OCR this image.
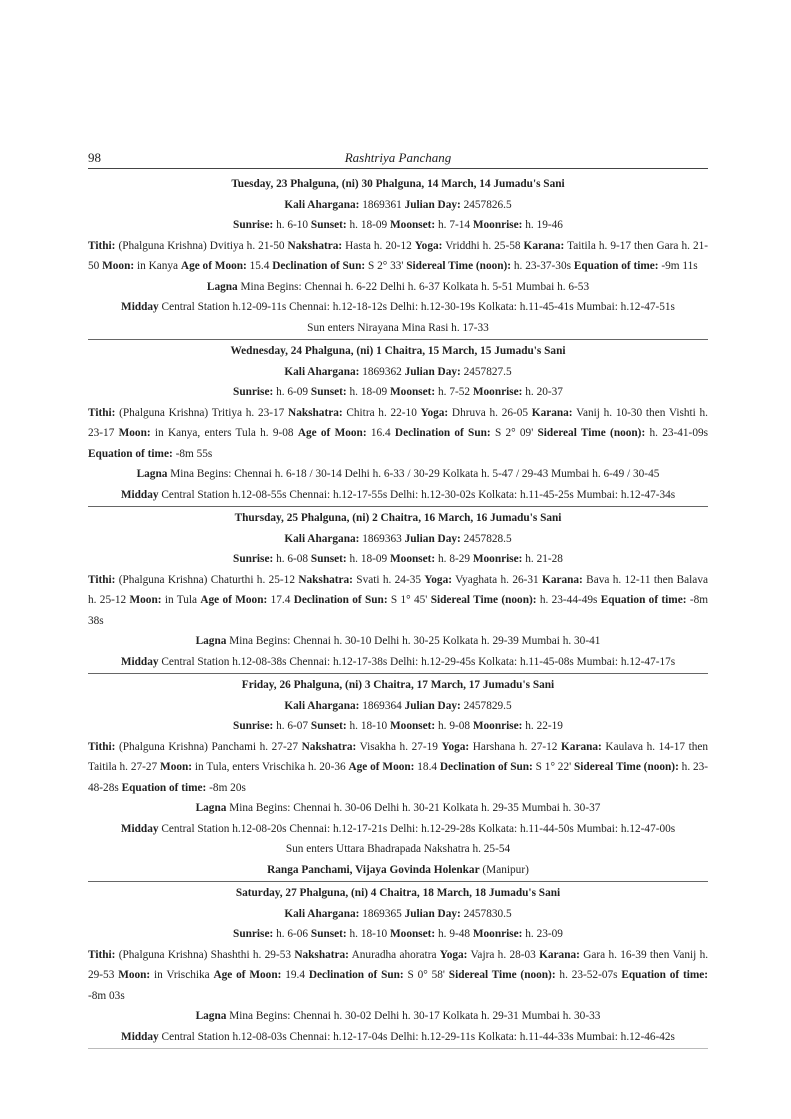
98	Rashtriya Panchang
Tuesday, 23 Phalguna, (ni) 30 Phalguna, 14 March, 14 Jumadu's Sani
Kali Ahargana: 1869361 Julian Day: 2457826.5
Sunrise: h. 6-10 Sunset: h. 18-09 Moonset: h. 7-14 Moonrise: h. 19-46
Tithi: (Phalguna Krishna) Dvitiya h. 21-50 Nakshatra: Hasta h. 20-12 Yoga: Vriddhi h. 25-58 Karana: Taitila h. 9-17 then Gara h. 21-50 Moon: in Kanya Age of Moon: 15.4 Declination of Sun: S 2° 33' Sidereal Time (noon): h. 23-37-30s Equation of time: -9m 11s
Lagna Mina Begins: Chennai h. 6-22 Delhi h. 6-37 Kolkata h. 5-51 Mumbai h. 6-53
Midday Central Station h.12-09-11s Chennai: h.12-18-12s Delhi: h.12-30-19s Kolkata: h.11-45-41s Mumbai: h.12-47-51s
Sun enters Nirayana Mina Rasi h. 17-33
Wednesday, 24 Phalguna, (ni) 1 Chaitra, 15 March, 15 Jumadu's Sani
Kali Ahargana: 1869362 Julian Day: 2457827.5
Sunrise: h. 6-09 Sunset: h. 18-09 Moonset: h. 7-52 Moonrise: h. 20-37
Tithi: (Phalguna Krishna) Tritiya h. 23-17 Nakshatra: Chitra h. 22-10 Yoga: Dhruva h. 26-05 Karana: Vanij h. 10-30 then Vishti h. 23-17 Moon: in Kanya, enters Tula h. 9-08 Age of Moon: 16.4 Declination of Sun: S 2° 09' Sidereal Time (noon): h. 23-41-09s Equation of time: -8m 55s
Lagna Mina Begins: Chennai h. 6-18 / 30-14 Delhi h. 6-33 / 30-29 Kolkata h. 5-47 / 29-43 Mumbai h. 6-49 / 30-45
Midday Central Station h.12-08-55s Chennai: h.12-17-55s Delhi: h.12-30-02s Kolkata: h.11-45-25s Mumbai: h.12-47-34s
Thursday, 25 Phalguna, (ni) 2 Chaitra, 16 March, 16 Jumadu's Sani
Kali Ahargana: 1869363 Julian Day: 2457828.5
Sunrise: h. 6-08 Sunset: h. 18-09 Moonset: h. 8-29 Moonrise: h. 21-28
Tithi: (Phalguna Krishna) Chaturthi h. 25-12 Nakshatra: Svati h. 24-35 Yoga: Vyaghata h. 26-31 Karana: Bava h. 12-11 then Balava h. 25-12 Moon: in Tula Age of Moon: 17.4 Declination of Sun: S 1° 45' Sidereal Time (noon): h. 23-44-49s Equation of time: -8m 38s
Lagna Mina Begins: Chennai h. 30-10 Delhi h. 30-25 Kolkata h. 29-39 Mumbai h. 30-41
Midday Central Station h.12-08-38s Chennai: h.12-17-38s Delhi: h.12-29-45s Kolkata: h.11-45-08s Mumbai: h.12-47-17s
Friday, 26 Phalguna, (ni) 3 Chaitra, 17 March, 17 Jumadu's Sani
Kali Ahargana: 1869364 Julian Day: 2457829.5
Sunrise: h. 6-07 Sunset: h. 18-10 Moonset: h. 9-08 Moonrise: h. 22-19
Tithi: (Phalguna Krishna) Panchami h. 27-27 Nakshatra: Visakha h. 27-19 Yoga: Harshana h. 27-12 Karana: Kaulava h. 14-17 then Taitila h. 27-27 Moon: in Tula, enters Vrischika h. 20-36 Age of Moon: 18.4 Declination of Sun: S 1° 22' Sidereal Time (noon): h. 23-48-28s Equation of time: -8m 20s
Lagna Mina Begins: Chennai h. 30-06 Delhi h. 30-21 Kolkata h. 29-35 Mumbai h. 30-37
Midday Central Station h.12-08-20s Chennai: h.12-17-21s Delhi: h.12-29-28s Kolkata: h.11-44-50s Mumbai: h.12-47-00s
Sun enters Uttara Bhadrapada Nakshatra h. 25-54
Ranga Panchami, Vijaya Govinda Holenkar (Manipur)
Saturday, 27 Phalguna, (ni) 4 Chaitra, 18 March, 18 Jumadu's Sani
Kali Ahargana: 1869365 Julian Day: 2457830.5
Sunrise: h. 6-06 Sunset: h. 18-10 Moonset: h. 9-48 Moonrise: h. 23-09
Tithi: (Phalguna Krishna) Shashthi h. 29-53 Nakshatra: Anuradha ahoratra Yoga: Vajra h. 28-03 Karana: Gara h. 16-39 then Vanij h. 29-53 Moon: in Vrischika Age of Moon: 19.4 Declination of Sun: S 0° 58' Sidereal Time (noon): h. 23-52-07s Equation of time: -8m 03s
Lagna Mina Begins: Chennai h. 30-02 Delhi h. 30-17 Kolkata h. 29-31 Mumbai h. 30-33
Midday Central Station h.12-08-03s Chennai: h.12-17-04s Delhi: h.12-29-11s Kolkata: h.11-44-33s Mumbai: h.12-46-42s
